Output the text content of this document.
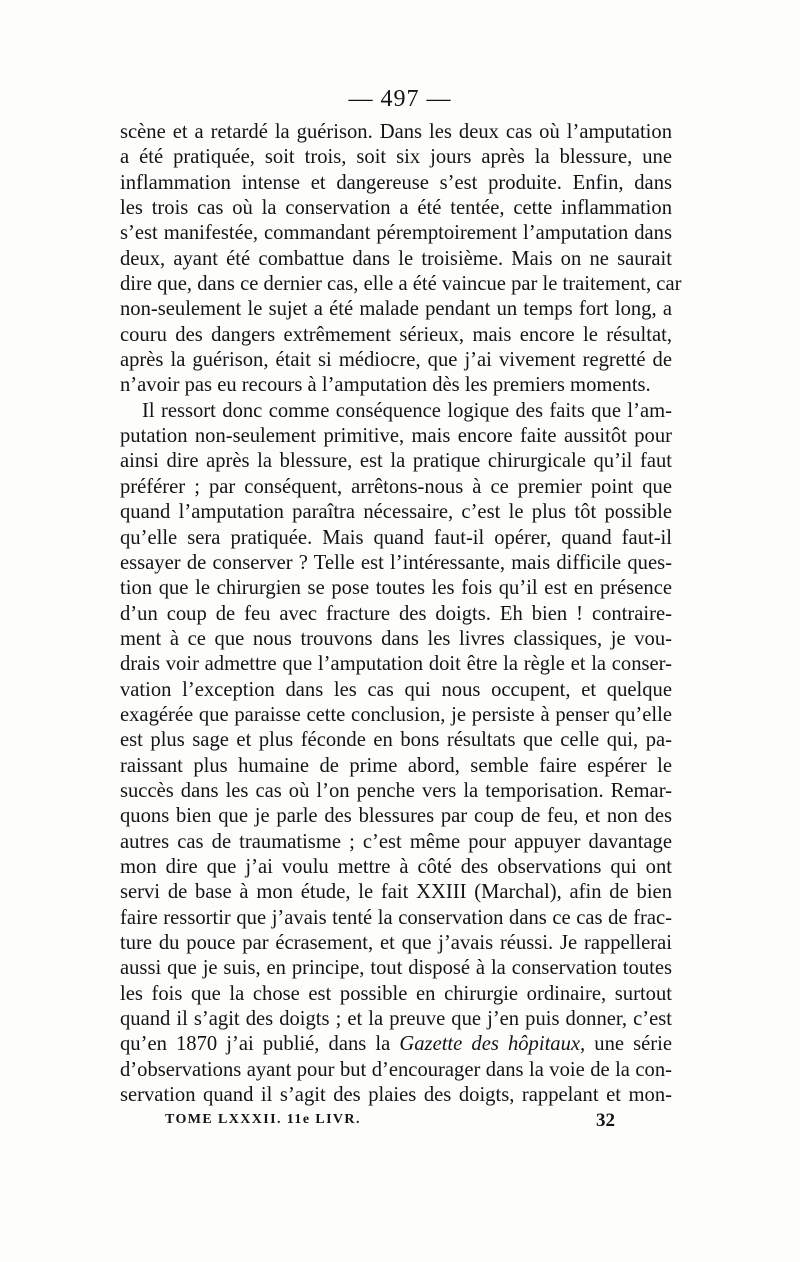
— 497 —
scène et a retardé la guérison. Dans les deux cas où l’amputation
a été pratiquée, soit trois, soit six jours après la blessure, une
inflammation intense et dangereuse s’est produite. Enfin, dans
les trois cas où la conservation a été tentée, cette inflammation
s’est manifestée, commandant péremptoirement l’amputation dans
deux, ayant été combattue dans le troisième. Mais on ne saurait
dire que, dans ce dernier cas, elle a été vaincue par le traitement, car
non-seulement le sujet a été malade pendant un temps fort long, a
couru des dangers extrêmement sérieux, mais encore le résultat,
après la guérison, était si médiocre, que j’ai vivement regretté de
n’avoir pas eu recours à l’amputation dès les premiers moments.
Il ressort donc comme conséquence logique des faits que l’am-
putation non-seulement primitive, mais encore faite aussitôt pour
ainsi dire après la blessure, est la pratique chirurgicale qu’il faut
préférer ; par conséquent, arrêtons-nous à ce premier point que
quand l’amputation paraîtra nécessaire, c’est le plus tôt possible
qu’elle sera pratiquée. Mais quand faut-il opérer, quand faut-il
essayer de conserver ? Telle est l’intéressante, mais difficile ques-
tion que le chirurgien se pose toutes les fois qu’il est en présence
d’un coup de feu avec fracture des doigts. Eh bien ! contraire-
ment à ce que nous trouvons dans les livres classiques, je vou-
drais voir admettre que l’amputation doit être la règle et la conser-
vation l’exception dans les cas qui nous occupent, et quelque
exagérée que paraisse cette conclusion, je persiste à penser qu’elle
est plus sage et plus féconde en bons résultats que celle qui, pa-
raissant plus humaine de prime abord, semble faire espérer le
succès dans les cas où l’on penche vers la temporisation. Remar-
quons bien que je parle des blessures par coup de feu, et non des
autres cas de traumatisme ; c’est même pour appuyer davantage
mon dire que j’ai voulu mettre à côté des observations qui ont
servi de base à mon étude, le fait XXIII (Marchal), afin de bien
faire ressortir que j’avais tenté la conservation dans ce cas de frac-
ture du pouce par écrasement, et que j’avais réussi. Je rappellerai
aussi que je suis, en principe, tout disposé à la conservation toutes
les fois que la chose est possible en chirurgie ordinaire, surtout
quand il s’agit des doigts ; et la preuve que j’en puis donner, c’est
qu’en 1870 j’ai publié, dans la Gazette des hôpitaux, une série
d’observations ayant pour but d’encourager dans la voie de la con-
servation quand il s’agit des plaies des doigts, rappelant et mon-
TOME LXXXII. 11e LIVR.	32
